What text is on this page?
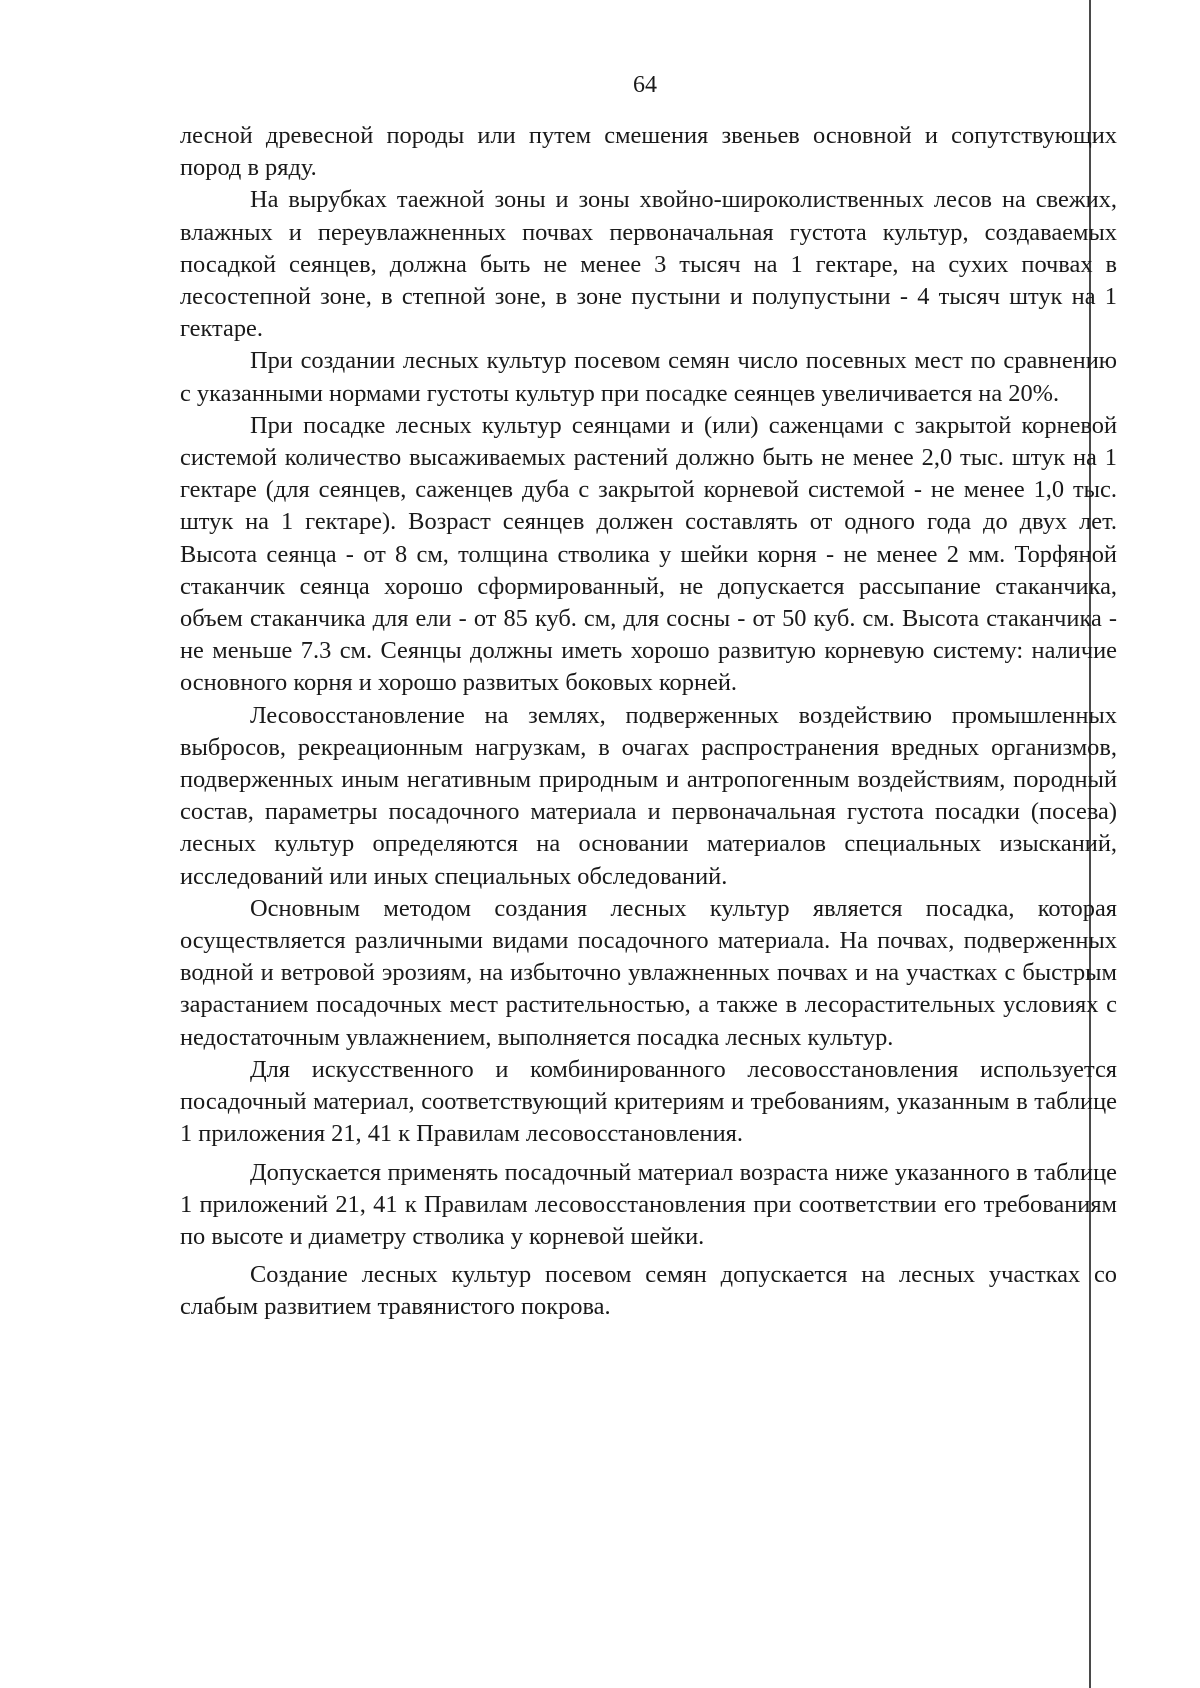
64

лесной древесной породы или путем смешения звеньев основной и сопутствующих пород в ряду.

На вырубках таежной зоны и зоны хвойно-широколиственных лесов на свежих, влажных и переувлажненных почвах первоначальная густота культур, создаваемых посадкой сеянцев, должна быть не менее 3 тысяч на 1 гектаре, на сухих почвах в лесостепной зоне, в степной зоне, в зоне пустыни и полупустыни - 4 тысяч штук на 1 гектаре.

При создании лесных культур посевом семян число посевных мест по сравнению с указанными нормами густоты культур при посадке сеянцев увеличивается на 20%.

При посадке лесных культур сеянцами и (или) саженцами с закрытой корневой системой количество высаживаемых растений должно быть не менее 2,0 тыс. штук на 1 гектаре (для сеянцев, саженцев дуба с закрытой корневой системой - не менее 1,0 тыс. штук на 1 гектаре). Возраст сеянцев должен составлять от одного года до двух лет. Высота сеянца - от 8 см, толщина стволика у шейки корня - не менее 2 мм. Торфяной стаканчик сеянца хорошо сформированный, не допускается рассыпание стаканчика, объем стаканчика для ели - от 85 куб. см, для сосны - от 50 куб. см. Высота стаканчика - не меньше 7.3 см. Сеянцы должны иметь хорошо развитую корневую систему: наличие основного корня и хорошо развитых боковых корней.

Лесовосстановление на землях, подверженных воздействию промышленных выбросов, рекреационным нагрузкам, в очагах распространения вредных организмов, подверженных иным негативным природным и антропогенным воздействиям, породный состав, параметры посадочного материала и первоначальная густота посадки (посева) лесных культур определяются на основании материалов специальных изысканий, исследований или иных специальных обследований.

Основным методом создания лесных культур является посадка, которая осуществляется различными видами посадочного материала. На почвах, подверженных водной и ветровой эрозиям, на избыточно увлажненных почвах и на участках с быстрым зарастанием посадочных мест растительностью, а также в лесорастительных условиях с недостаточным увлажнением, выполняется посадка лесных культур.

Для искусственного и комбинированного лесовосстановления используется посадочный материал, соответствующий критериям и требованиям, указанным в таблице 1 приложения 21, 41 к Правилам лесовосстановления.

Допускается применять посадочный материал возраста ниже указанного в таблице 1 приложений 21, 41 к Правилам лесовосстановления при соответствии его требованиям по высоте и диаметру стволика у корневой шейки.

Создание лесных культур посевом семян допускается на лесных участках со слабым развитием травянистого покрова.
